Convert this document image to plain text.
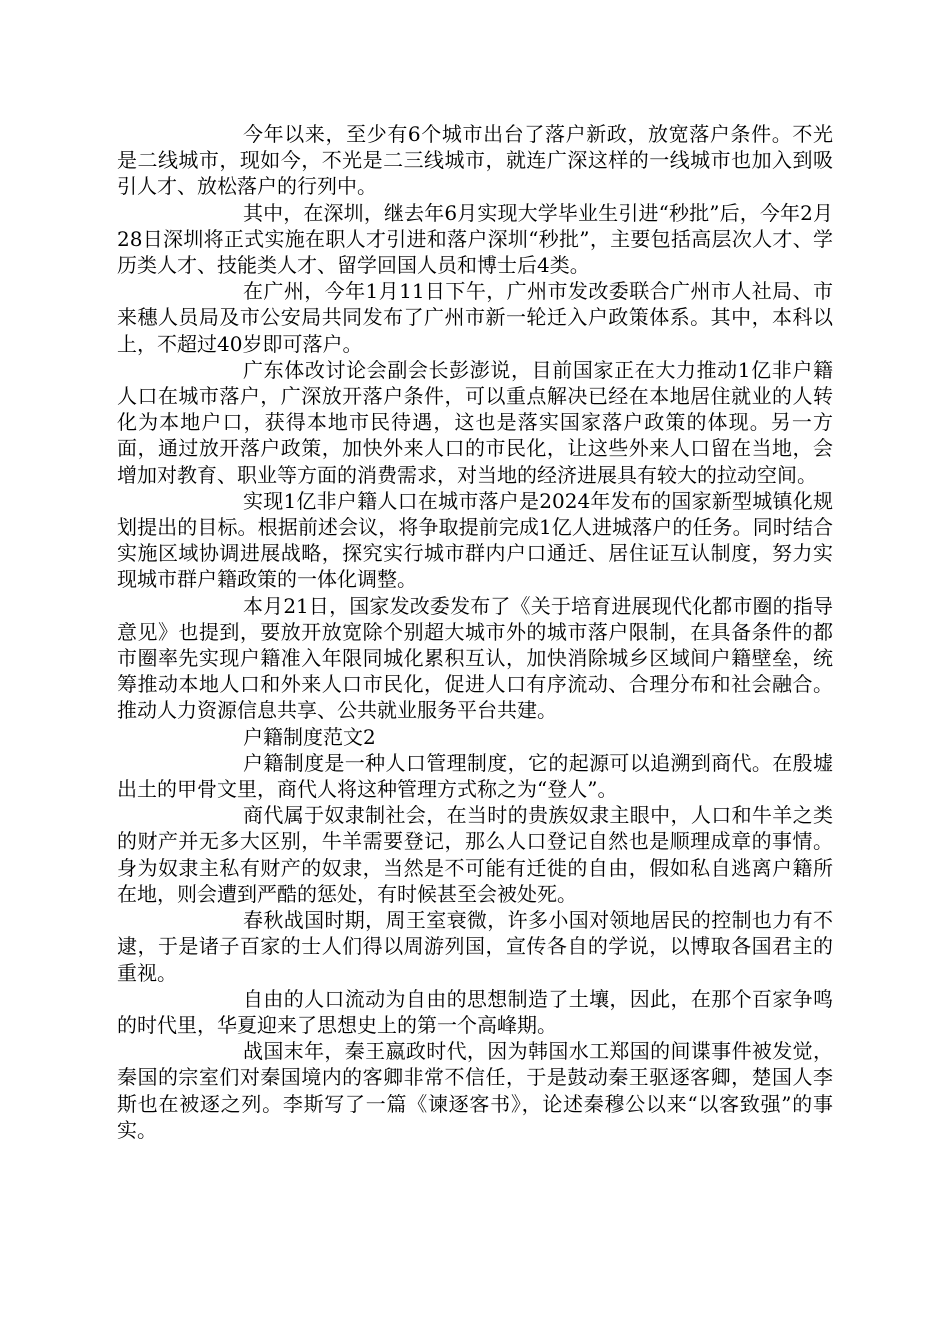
今年以来，至少有6个城市出台了落户新政，放宽落户条件。不光是二线城市，现如今，不光是二三线城市，就连广深这样的一线城市也加入到吸引人才、放松落户的行列中。

其中，在深圳，继去年6月实现大学毕业生引进“秒批”后，今年2月28日深圳将正式实施在职人才引进和落户深圳“秒批”，主要包括高层次人才、学历类人才、技能类人才、留学回国人员和博士后4类。

在广州，今年1月11日下午，广州市发改委联合广州市人社局、市来穗人员局及市公安局共同发布了广州市新一轮迁入户政策体系。其中，本科以上，不超过40岁即可落户。

广东体改讨论会副会长彭澎说，目前国家正在大力推动1亿非户籍人口在城市落户，广深放开落户条件，可以重点解决已经在本地居住就业的人转化为本地户口，获得本地市民待遇，这也是落实国家落户政策的体现。另一方面，通过放开落户政策，加快外来人口的市民化，让这些外来人口留在当地，会增加对教育、职业等方面的消费需求，对当地的经济进展具有较大的拉动空间。

实现1亿非户籍人口在城市落户是2024年发布的国家新型城镇化规划提出的目标。根据前述会议，将争取提前完成1亿人进城落户的任务。同时结合实施区域协调进展战略，探究实行城市群内户口通迁、居住证互认制度，努力实现城市群户籍政策的一体化调整。

本月21日，国家发改委发布了《关于培育进展现代化都市圈的指导意见》也提到，要放开放宽除个别超大城市外的城市落户限制，在具备条件的都市圈率先实现户籍准入年限同城化累积互认，加快消除城乡区域间户籍壁垒，统筹推动本地人口和外来人口市民化，促进人口有序流动、合理分布和社会融合。推动人力资源信息共享、公共就业服务平台共建。

户籍制度范文2

户籍制度是一种人口管理制度，它的起源可以追溯到商代。在殷墟出土的甲骨文里，商代人将这种管理方式称之为“登人”。

商代属于奴隶制社会，在当时的贵族奴隶主眼中，人口和牛羊之类的财产并无多大区别，牛羊需要登记，那么人口登记自然也是顺理成章的事情。身为奴隶主私有财产的奴隶，当然是不可能有迁徙的自由，假如私自逃离户籍所在地，则会遭到严酷的惩处，有时候甚至会被处死。

春秋战国时期，周王室衰微，许多小国对领地居民的控制也力有不逮，于是诸子百家的士人们得以周游列国，宣传各自的学说，以博取各国君主的重视。

自由的人口流动为自由的思想制造了土壤，因此，在那个百家争鸣的时代里，华夏迎来了思想史上的第一个高峰期。

战国末年，秦王嬴政时代，因为韩国水工郑国的间谍事件被发觉，秦国的宗室们对秦国境内的客卿非常不信任，于是鼓动秦王驱逐客卿，楚国人李斯也在被逐之列。李斯写了一篇《谏逐客书》，论述秦穆公以来“以客致强”的事实。
